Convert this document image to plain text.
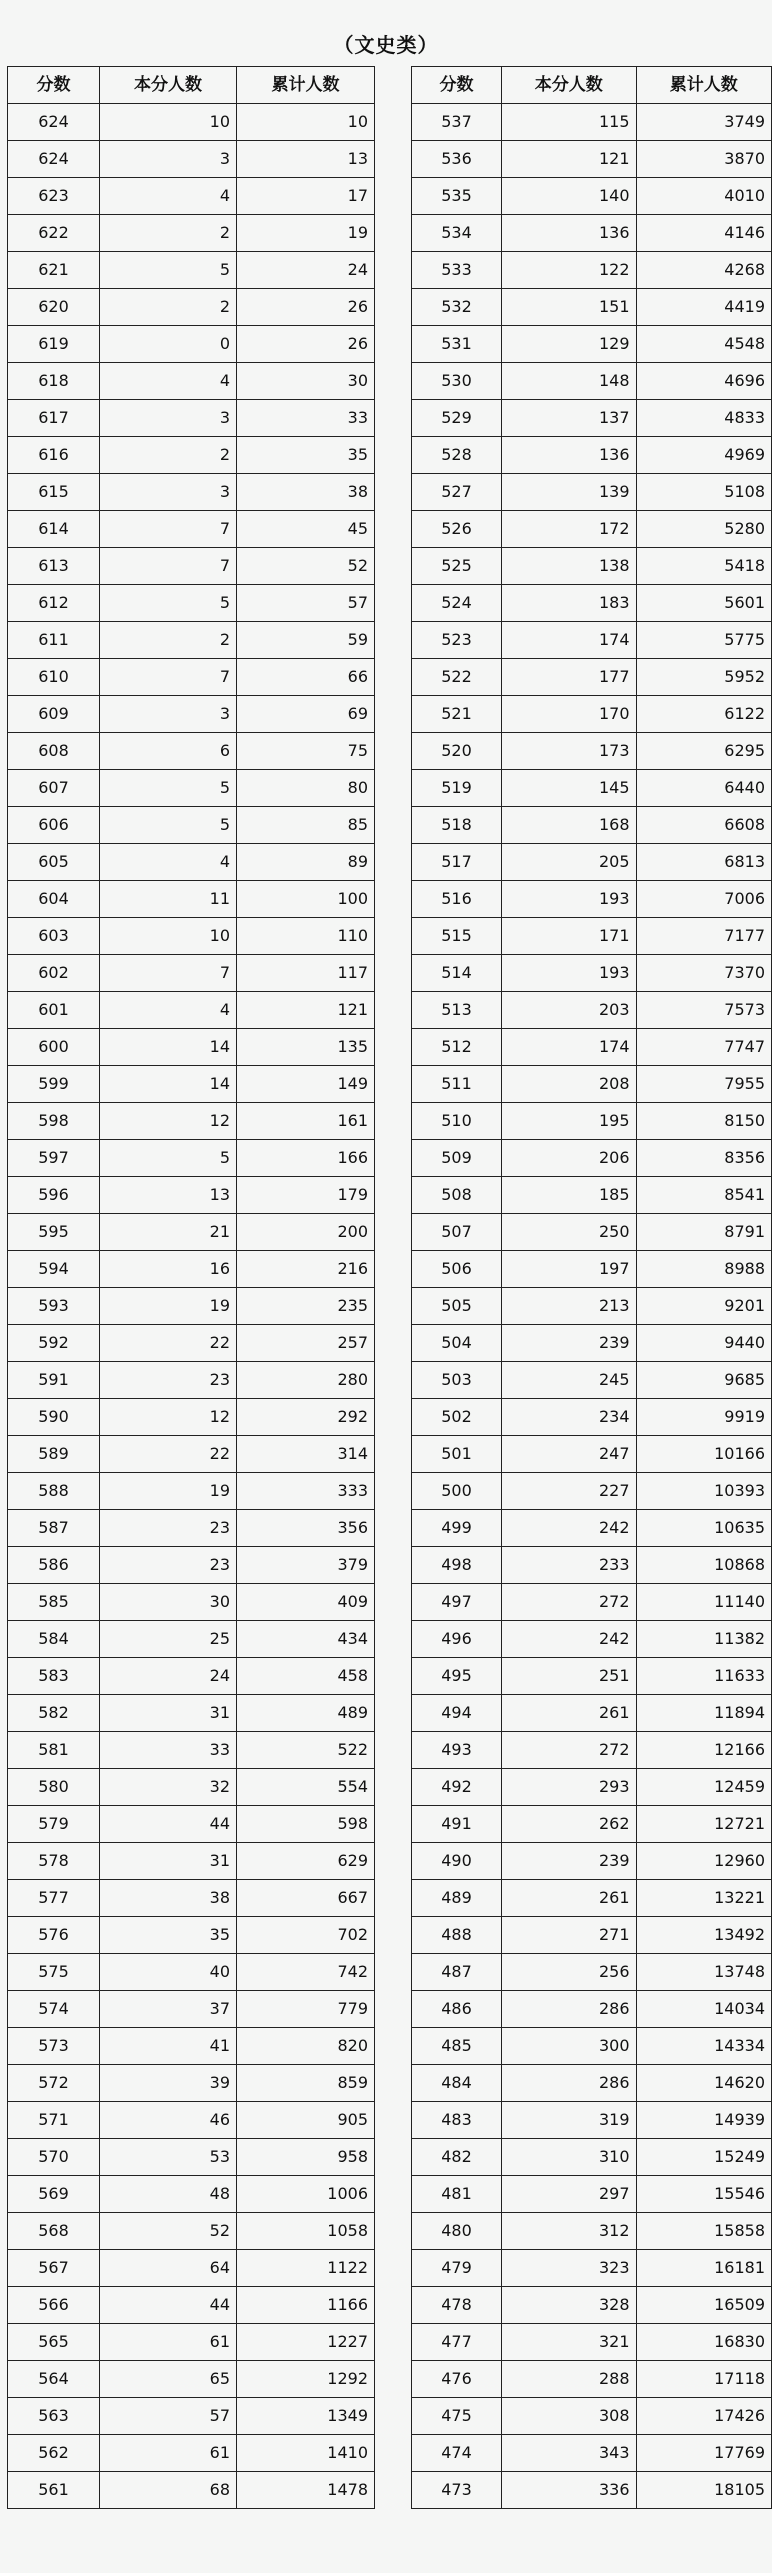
（文史类）
分数	本分人数	累计人数
624	10	10
624	3	13
623	4	17
622	2	19
621	5	24
620	2	26
619	0	26
618	4	30
617	3	33
616	2	35
615	3	38
614	7	45
613	7	52
612	5	57
611	2	59
610	7	66
609	3	69
608	6	75
607	5	80
606	5	85
605	4	89
604	11	100
603	10	110
602	7	117
601	4	121
600	14	135
599	14	149
598	12	161
597	5	166
596	13	179
595	21	200
594	16	216
593	19	235
592	22	257
591	23	280
590	12	292
589	22	314
588	19	333
587	23	356
586	23	379
585	30	409
584	25	434
583	24	458
582	31	489
581	33	522
580	32	554
579	44	598
578	31	629
577	38	667
576	35	702
575	40	742
574	37	779
573	41	820
572	39	859
571	46	905
570	53	958
569	48	1006
568	52	1058
567	64	1122
566	44	1166
565	61	1227
564	65	1292
563	57	1349
562	61	1410
561	68	1478
分数	本分人数	累计人数
537	115	3749
536	121	3870
535	140	4010
534	136	4146
533	122	4268
532	151	4419
531	129	4548
530	148	4696
529	137	4833
528	136	4969
527	139	5108
526	172	5280
525	138	5418
524	183	5601
523	174	5775
522	177	5952
521	170	6122
520	173	6295
519	145	6440
518	168	6608
517	205	6813
516	193	7006
515	171	7177
514	193	7370
513	203	7573
512	174	7747
511	208	7955
510	195	8150
509	206	8356
508	185	8541
507	250	8791
506	197	8988
505	213	9201
504	239	9440
503	245	9685
502	234	9919
501	247	10166
500	227	10393
499	242	10635
498	233	10868
497	272	11140
496	242	11382
495	251	11633
494	261	11894
493	272	12166
492	293	12459
491	262	12721
490	239	12960
489	261	13221
488	271	13492
487	256	13748
486	286	14034
485	300	14334
484	286	14620
483	319	14939
482	310	15249
481	297	15546
480	312	15858
479	323	16181
478	328	16509
477	321	16830
476	288	17118
475	308	17426
474	343	17769
473	336	18105
